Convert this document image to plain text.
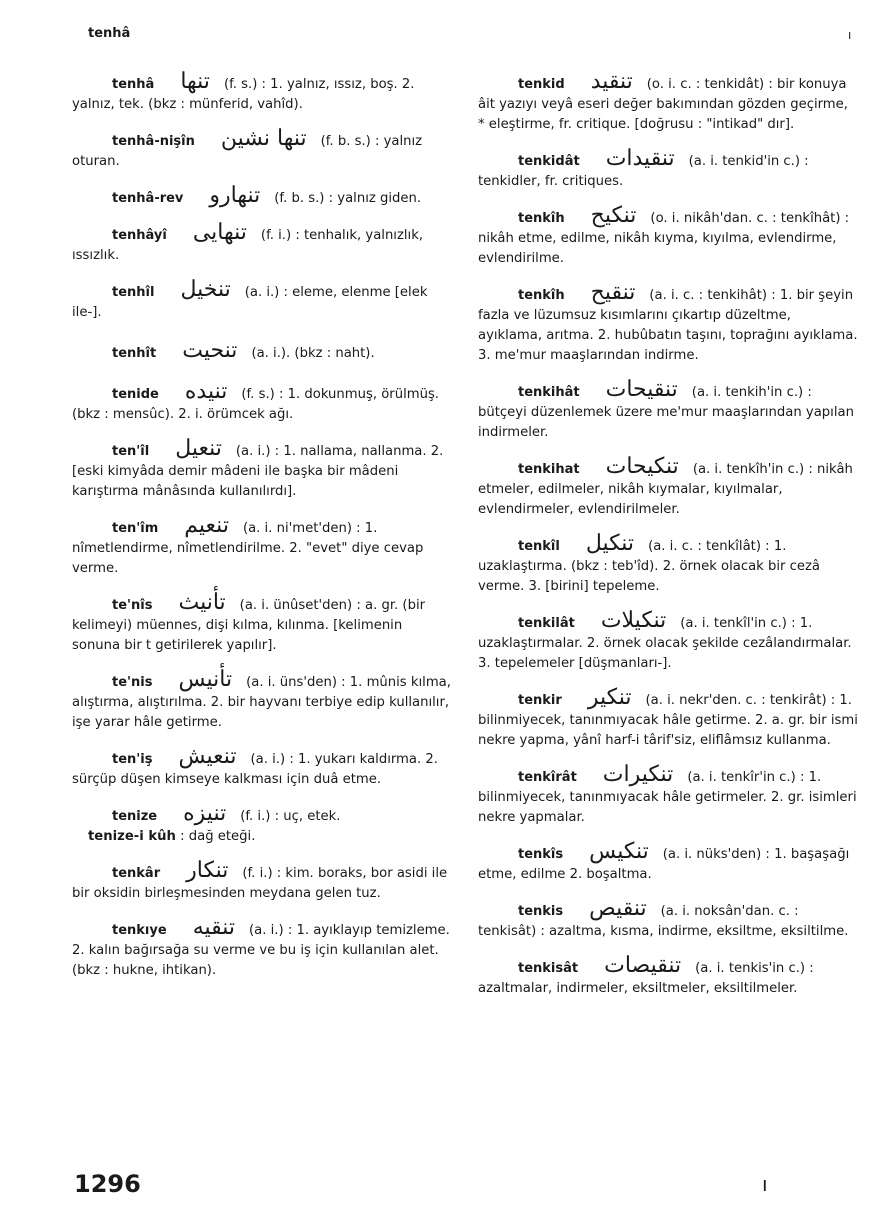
tenhâ	ı
tenhâ تنها (f. s.) : 1. yalnız, ıssız, boş. 2. yalnız, tek. (bkz : münferid, vahîd).
tenhâ-nişîn تنها نشين (f. b. s.) : yalnız oturan.
tenhâ-rev تنهارو (f. b. s.) : yalnız giden.
tenhâyî تنهايى (f. i.) : tenhalık, yalnızlık, ıssızlık.
tenhîl تنخيل (a. i.) : eleme, elenme [elek ile-].
tenhît تنحيت (a. i.). (bkz : naht).
tenide تنيده (f. s.) : 1. dokunmuş, örülmüş. (bkz : mensûc). 2. i. örümcek ağı.
ten'îl تنعيل (a. i.) : 1. nallama, nallanma. 2. [eski kimyâda demir mâdeni ile başka bir mâdeni karıştırma mânâsında kullanılırdı].
ten'îm تنعيم (a. i. ni'met'den) : 1. nîmetlendirme, nîmetlendirilme. 2. "evet" diye cevap verme.
te'nîs تأنيث (a. i. ünûset'den) : a. gr. (bir kelimeyi) müennes, dişi kılma, kılınma. [kelimenin sonuna bir t getirilerek yapılır].
te'nis تأنيس (a. i. üns'den) : 1. mûnis kılma, alıştırma, alıştırılma. 2. bir hayvanı terbiye edip kullanılır, işe yarar hâle getirme.
ten'iş تنعيش (a. i.) : 1. yukarı kaldırma. 2. sürçüp düşen kimseye kalkması için duâ etme.
tenize تنيزه (f. i.) : uç, etek.
tenize-i kûh : dağ eteği.
tenkâr تنكار (f. i.) : kim. boraks, bor asidi ile bir oksidin birleşmesinden meydana gelen tuz.
tenkıye تنقيه (a. i.) : 1. ayıklayıp temizleme. 2. kalın bağırsağa su verme ve bu iş için kullanılan alet. (bkz : hukne, ihtikan).
tenkid تنقيد (o. i. c. : tenkidât) : bir konuya âit yazıyı veyâ eseri değer bakımından gözden geçirme, * eleştirme, fr. critique. [doğrusu : "intikad" dır].
tenkidât تنقيدات (a. i. tenkid'in c.) : tenkidler, fr. critiques.
tenkîh تنكيح (o. i. nikâh'dan. c. : tenkîhât) : nikâh etme, edilme, nikâh kıyma, kıyılma, evlendirme, evlendirilme.
tenkîh تنقيح (a. i. c. : tenkihât) : 1. bir şeyin fazla ve lüzumsuz kısımlarını çıkartıp düzeltme, ayıklama, arıtma. 2. hubûbatın taşını, toprağını ayıklama. 3. me'mur maaşlarından indirme.
tenkihât تنقيحات (a. i. tenkih'in c.) : bütçeyi düzenlemek üzere me'mur maaşlarından yapılan indirmeler.
tenkihat تنكيحات (a. i. tenkîh'in c.) : nikâh etmeler, edilmeler, nikâh kıymalar, kıyılmalar, evlendirmeler, evlendirilmeler.
tenkîl تنكيل (a. i. c. : tenkîlât) : 1. uzaklaştırma. (bkz : teb'îd). 2. örnek olacak bir cezâ verme. 3. [birini] tepeleme.
tenkilât تنكيلات (a. i. tenkîl'in c.) : 1. uzaklaştırmalar. 2. örnek olacak şekilde cezâlandırmalar. 3. tepelemeler [düşmanları-].
tenkir تنكير (a. i. nekr'den. c. : tenkirât) : 1. bilinmiyecek, tanınmıyacak hâle getirme. 2. a. gr. bir ismi nekre yapma, yânî harf-i târif'siz, eliflâmsız kullanma.
tenkîrât تنكيرات (a. i. tenkîr'in c.) : 1. bilinmiyecek, tanınmıyacak hâle getirmeler. 2. gr. isimleri nekre yapmalar.
tenkîs تنكيس (a. i. nüks'den) : 1. başaşağı etme, edilme 2. boşaltma.
tenkis تنقيص (a. i. noksân'dan. c. : tenkisât) : azaltma, kısma, indirme, eksiltme, eksiltilme.
tenkisât تنقيصات (a. i. tenkis'in c.) : azaltmalar, indirmeler, eksiltmeler, eksiltilmeler.
1296	ı
